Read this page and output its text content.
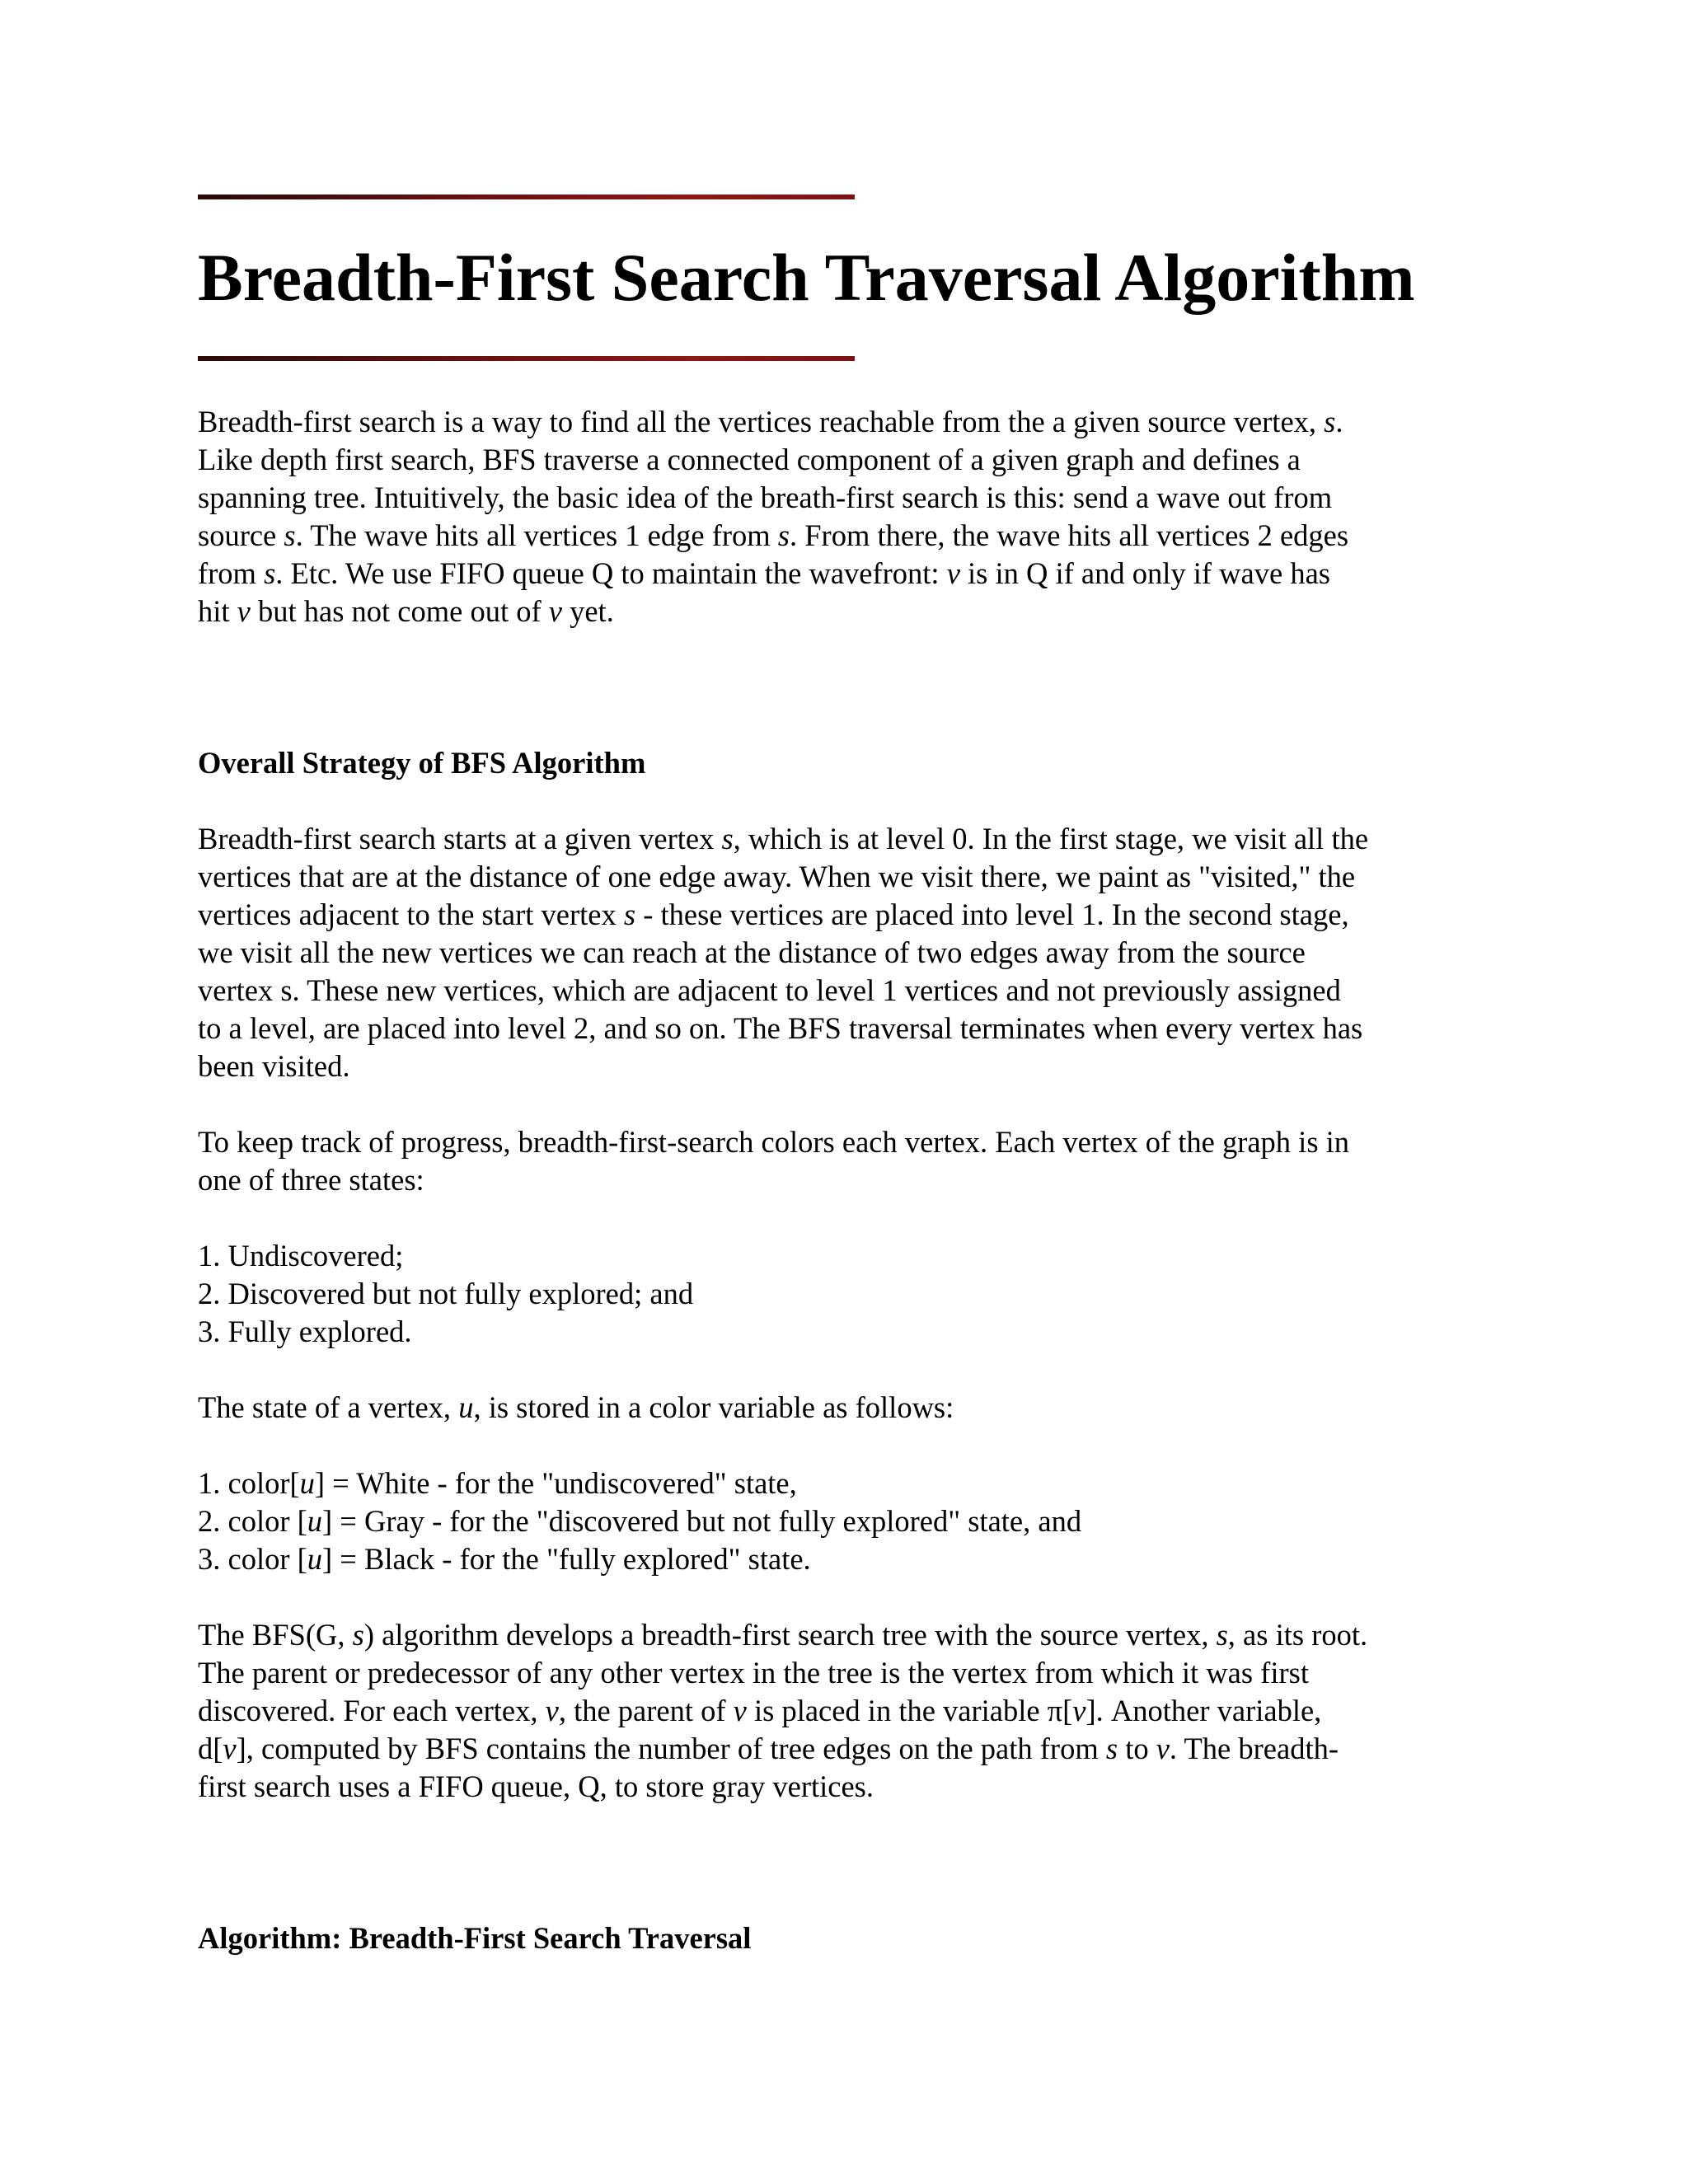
Breadth-First Search Traversal Algorithm

Breadth-first search is a way to find all the vertices reachable from the a given source vertex, s.
Like depth first search, BFS traverse a connected component of a given graph and defines a
spanning tree. Intuitively, the basic idea of the breath-first search is this: send a wave out from
source s. The wave hits all vertices 1 edge from s. From there, the wave hits all vertices 2 edges
from s. Etc. We use FIFO queue Q to maintain the wavefront: v is in Q if and only if wave has
hit v but has not come out of v yet.

Overall Strategy of BFS Algorithm

Breadth-first search starts at a given vertex s, which is at level 0. In the first stage, we visit all the
vertices that are at the distance of one edge away. When we visit there, we paint as "visited," the
vertices adjacent to the start vertex s - these vertices are placed into level 1. In the second stage,
we visit all the new vertices we can reach at the distance of two edges away from the source
vertex s. These new vertices, which are adjacent to level 1 vertices and not previously assigned
to a level, are placed into level 2, and so on. The BFS traversal terminates when every vertex has
been visited.

To keep track of progress, breadth-first-search colors each vertex. Each vertex of the graph is in
one of three states:

1. Undiscovered;
2. Discovered but not fully explored; and
3. Fully explored.

The state of a vertex, u, is stored in a color variable as follows:

1. color[u] = White - for the "undiscovered" state,
2. color [u] = Gray - for the "discovered but not fully explored" state, and
3. color [u] = Black - for the "fully explored" state.

The BFS(G, s) algorithm develops a breadth-first search tree with the source vertex, s, as its root.
The parent or predecessor of any other vertex in the tree is the vertex from which it was first
discovered. For each vertex, v, the parent of v is placed in the variable π[v]. Another variable,
d[v], computed by BFS contains the number of tree edges on the path from s to v. The breadth-
first search uses a FIFO queue, Q, to store gray vertices.

Algorithm: Breadth-First Search Traversal
